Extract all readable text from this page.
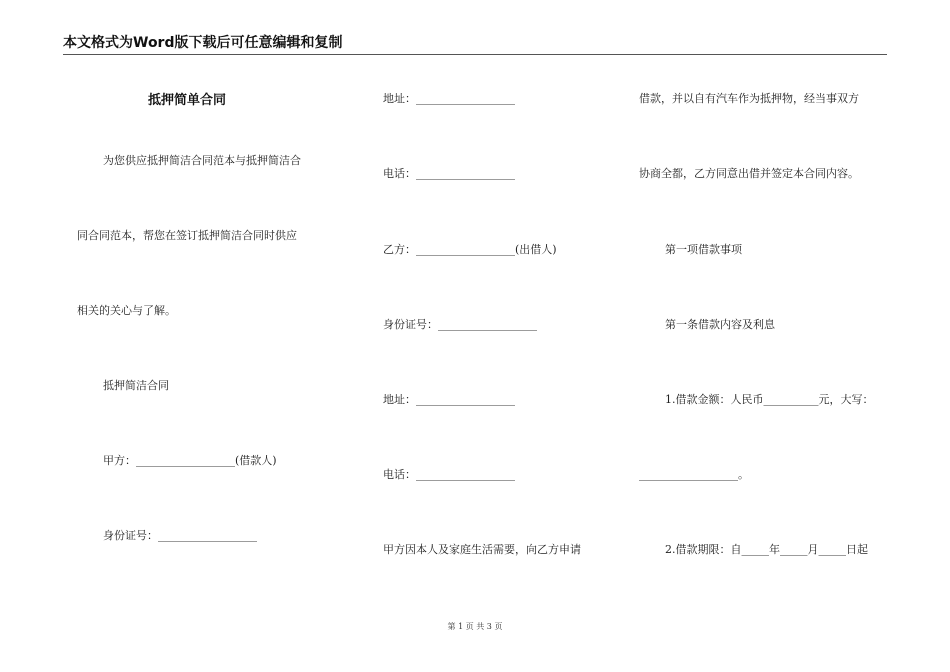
本文格式为Word版下载后可任意编辑和复制
抵押简单合同
为您供应抵押简洁合同范本与抵押简洁合
同合同范本，帮您在签订抵押简洁合同时供应
相关的关心与了解。
抵押简洁合同
甲方：__________________(借款人)
身份证号：__________________
地址：__________________
电话：__________________
乙方：__________________(出借人)
身份证号：__________________
地址：__________________
电话：__________________
甲方因本人及家庭生活需要，向乙方申请
借款，并以自有汽车作为抵押物，经当事双方
协商全都，乙方同意出借并签定本合同内容。
第一项借款事项
第一条借款内容及利息
1.借款金额：人民币__________元，大写：
__________________。
2.借款期限：自_____年_____月_____日起
第 1 页 共 3 页
